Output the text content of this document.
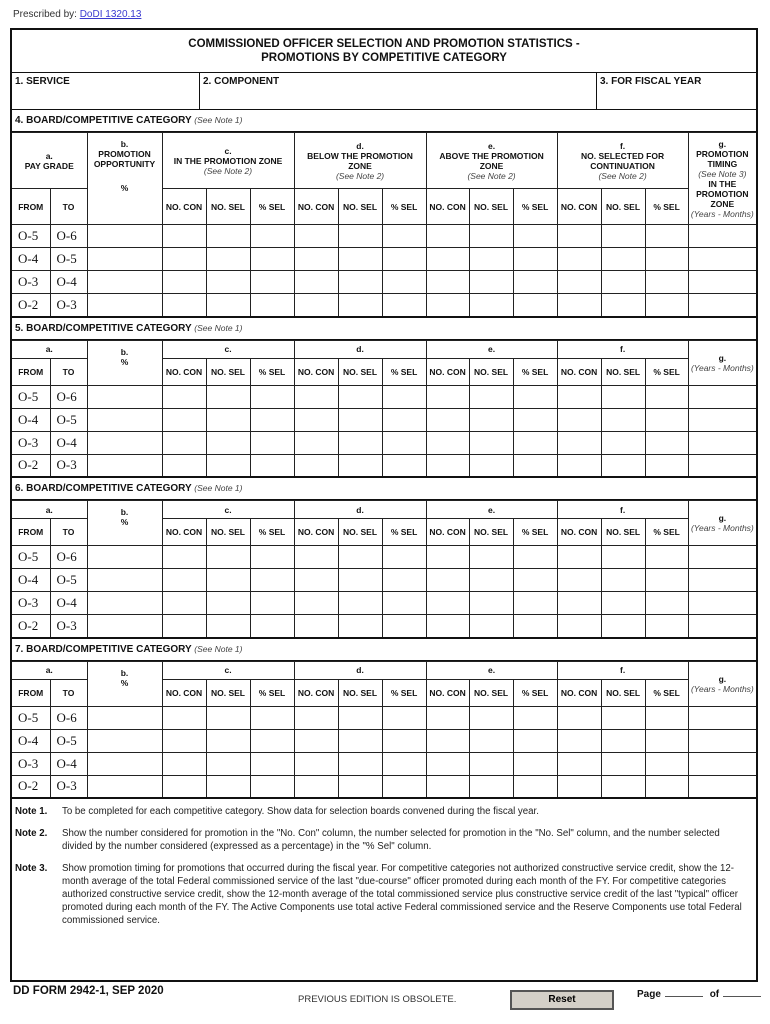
Prescribed by: DoDI 1320.13
COMMISSIONED OFFICER SELECTION AND PROMOTION STATISTICS -
PROMOTIONS BY COMPETITIVE CATEGORY
1. SERVICE	2. COMPONENT	3. FOR FISCAL YEAR
4. BOARD/COMPETITIVE CATEGORY (See Note 1)
a.
PAY GRADE

b.
PROMOTION OPPORTUNITY
%

c.
IN THE PROMOTION ZONE
(See Note 2)	
d.
BELOW THE PROMOTION ZONE
(See Note 2)	
e.
ABOVE THE PROMOTION ZONE
(See Note 2)	
f.
NO. SELECTED FOR CONTINUATION
(See Note 2)	
g.
PROMOTION TIMING
(See Note 3)
IN THE PROMOTION ZONE
(Years - Months)
FROM	TO		NO. CON	NO. SEL	% SEL	NO. CON	NO. SEL	% SEL	NO. CON	NO. SEL	% SEL	NO. CON	NO. SEL	% SEL	
O-5	O-6														
O-4	O-5														
O-3	O-4														
O-2	O-3														
5. BOARD/COMPETITIVE CATEGORY (See Note 1)
a.	b.
%
	c.	d.	e.	f.	
g.
(Years - Months)
FROM	TO		NO. CON	NO. SEL	% SEL	NO. CON	NO. SEL	% SEL	NO. CON	NO. SEL	% SEL	NO. CON	NO. SEL	% SEL	
O-5	O-6														
O-4	O-5														
O-3	O-4														
O-2	O-3														
6. BOARD/COMPETITIVE CATEGORY (See Note 1)
a.	b.
%
	c.	d.	e.	f.	
g.
(Years - Months)
FROM	TO		NO. CON	NO. SEL	% SEL	NO. CON	NO. SEL	% SEL	NO. CON	NO. SEL	% SEL	NO. CON	NO. SEL	% SEL	
O-5	O-6														
O-4	O-5														
O-3	O-4														
O-2	O-3														
7. BOARD/COMPETITIVE CATEGORY (See Note 1)
a.	b.
%
	c.	d.	e.	f.	
g.
(Years - Months)
FROM	TO		NO. CON	NO. SEL	% SEL	NO. CON	NO. SEL	% SEL	NO. CON	NO. SEL	% SEL	NO. CON	NO. SEL	% SEL	
O-5	O-6														
O-4	O-5														
O-3	O-4														
O-2	O-3														
Note 1.	To be completed for each competitive category. Show data for selection boards convened during the fiscal year.
Note 2.	Show the number considered for promotion in the "No. Con" column, the number selected for promotion in the "No. Sel" column, and the number selected divided by the number considered (expressed as a percentage) in the "% Sel" column.
Note 3.	Show promotion timing for promotions that occurred during the fiscal year. For competitive categories not authorized constructive service credit, show the 12-month average of the total Federal commissioned service of the last "due-course" officer promoted during each month of the FY. For competitive categories authorized constructive service credit, show the 12-month average of the total commissioned service plus constructive service credit of the last "typical" officer promoted during each month of the FY. The Active Components use total active Federal commissioned service and the Reserve Components use total Federal commissioned service.
DD FORM 2942-1, SEP 2020
PREVIOUS EDITION IS OBSOLETE.	Reset	Page	of
